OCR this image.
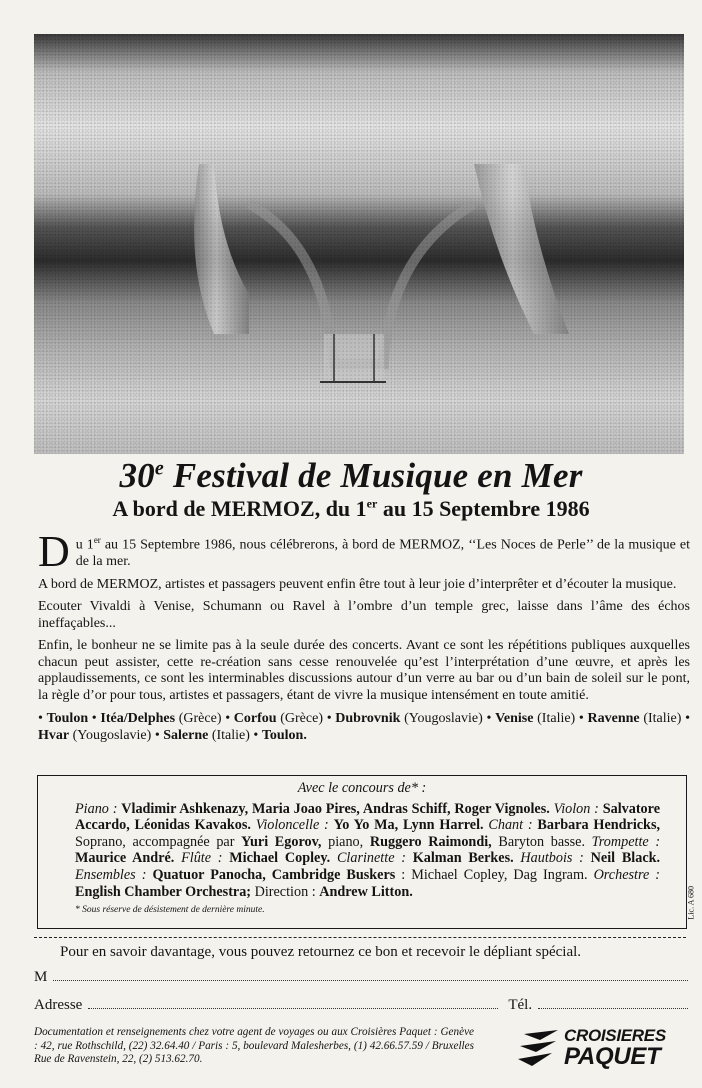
30e Festival de Musique en Mer
A bord de MERMOZ, du 1er au 15 Septembre 1986

Du 1er au 15 Septembre 1986, nous célébrerons, à bord de MERMOZ, ‘‘Les Noces de Perle’’ de la musique et de la mer.

A bord de MERMOZ, artistes et passagers peuvent enfin être tout à leur joie d’interprêter et d’écouter la musique.

Ecouter Vivaldi à Venise, Schumann ou Ravel à l’ombre d’un temple grec, laisse dans l’âme des échos ineffaçables...

Enfin, le bonheur ne se limite pas à la seule durée des concerts. Avant ce sont les répétitions publiques auxquelles chacun peut assister, cette re-création sans cesse renouvelée qu’est l’interprétation d’une œuvre, et après les applaudissements, ce sont les interminables discussions autour d’un verre au bar ou d’un bain de soleil sur le pont, la règle d’or pour tous, artistes et passagers, étant de vivre la musique intensément en toute amitié.

• Toulon • Itéa/Delphes (Grèce) • Corfou (Grèce) • Dubrovnik (Yougoslavie) • Venise (Italie) • Ravenne (Italie) • Hvar (Yougoslavie) • Salerne (Italie) • Toulon.
Avec le concours de* :
Piano : Vladimir Ashkenazy, Maria Joao Pires, Andras Schiff, Roger Vignoles. Violon : Salvatore Accardo, Léonidas Kavakos. Violoncelle : Yo Yo Ma, Lynn Harrel. Chant : Barbara Hendricks, Soprano, accompagnée par Yuri Egorov, piano, Ruggero Raimondi, Baryton basse. Trompette : Maurice André. Flûte : Michael Copley. Clarinette : Kalman Berkes. Hautbois : Neil Black. Ensembles : Quatuor Panocha, Cambridge Buskers : Michael Copley, Dag Ingram. Orchestre : English Chamber Orchestra; Direction : Andrew Litton.
* Sous réserve de désistement de dernière minute.	Lic. A 680
Pour en savoir davantage, vous pouvez retournez ce bon et recevoir le dépliant spécial.
M
Adresse	Tél.
Documentation et renseignements chez votre agent de voyages ou aux Croisières Paquet : Genève : 42, rue Rothschild, (22) 32.64.40 / Paris : 5, boulevard Malesherbes, (1) 42.66.57.59 / Bruxelles Rue de Ravenstein, 22, (2) 513.62.70.
CROISIERES
PAQUET
